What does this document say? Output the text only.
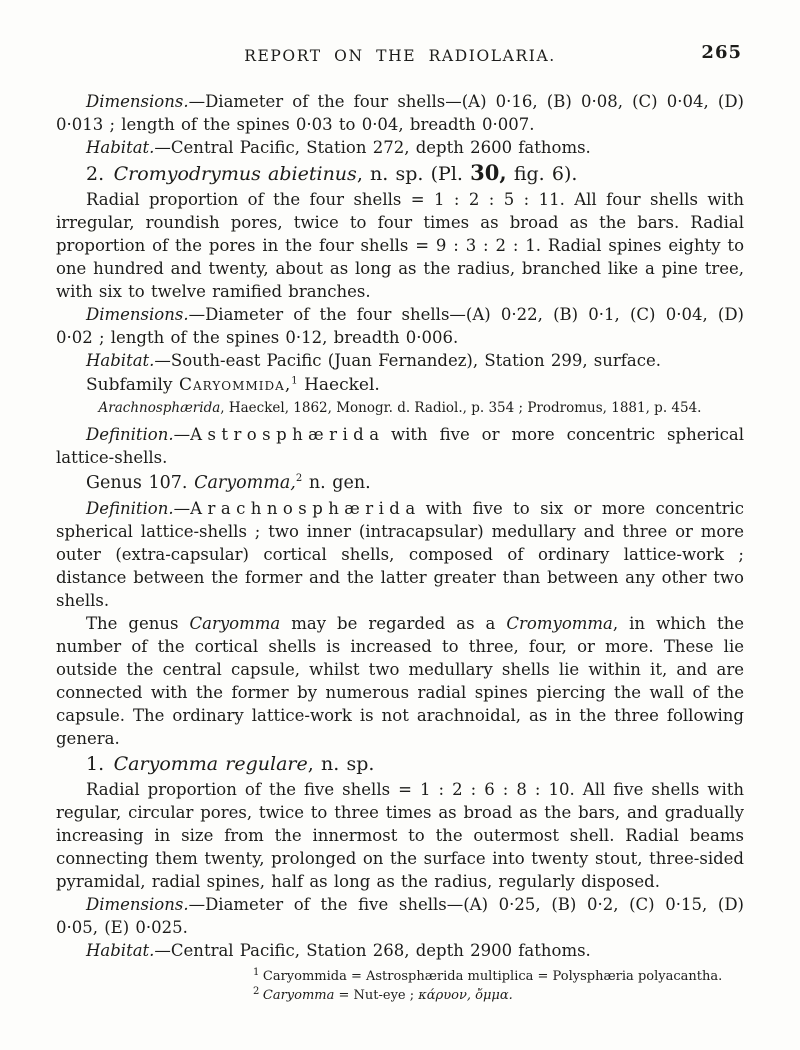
REPORT ON THE RADIOLARIA.	265

Dimensions.—Diameter of the four shells—(A) 0·16, (B) 0·08, (C) 0·04, (D) 0·013 ; length of the spines 0·03 to 0·04, breadth 0·007.

Habitat.—Central Pacific, Station 272, depth 2600 fathoms.

2. Cromyodrymus abietinus, n. sp. (Pl. 30, fig. 6).

Radial proportion of the four shells = 1 : 2 : 5 : 11. All four shells with irregular, roundish pores, twice to four times as broad as the bars. Radial proportion of the pores in the four shells = 9 : 3 : 2 : 1. Radial spines eighty to one hundred and twenty, about as long as the radius, branched like a pine tree, with six to twelve ramified branches.

Dimensions.—Diameter of the four shells—(A) 0·22, (B) 0·1, (C) 0·04, (D) 0·02 ; length of the spines 0·12, breadth 0·006.

Habitat.—South-east Pacific (Juan Fernandez), Station 299, surface.

Subfamily Caryommida,$^1$ Haeckel.

Arachnosphærida, Haeckel, 1862, Monogr. d. Radiol., p. 354 ; Prodromus, 1881, p. 454.

Definition.—Astrosphærida with five or more concentric spherical lattice-shells.

Genus 107. Caryomma,$^2$ n. gen.

Definition.—Arachnosphærida with five to six or more concentric spherical lattice-shells ; two inner (intracapsular) medullary and three or more outer (extra-capsular) cortical shells, composed of ordinary lattice-work ; distance between the former and the latter greater than between any other two shells.

The genus Caryomma may be regarded as a Cromyomma, in which the number of the cortical shells is increased to three, four, or more. These lie outside the central capsule, whilst two medullary shells lie within it, and are connected with the former by numerous radial spines piercing the wall of the capsule. The ordinary lattice-work is not arachnoidal, as in the three following genera.

1. Caryomma regulare, n. sp.

Radial proportion of the five shells = 1 : 2 : 6 : 8 : 10. All five shells with regular, circular pores, twice to three times as broad as the bars, and gradually increasing in size from the innermost to the outermost shell. Radial beams connecting them twenty, prolonged on the surface into twenty stout, three-sided pyramidal, radial spines, half as long as the radius, regularly disposed.

Dimensions.—Diameter of the five shells—(A) 0·25, (B) 0·2, (C) 0·15, (D) 0·05, (E) 0·025.

Habitat.—Central Pacific, Station 268, depth 2900 fathoms.

$^1$ Caryommida = Astrosphærida multiplica = Polysphæria polyacantha.

$^2$ Caryomma = Nut-eye ; κάρυον, ὄμμα.
